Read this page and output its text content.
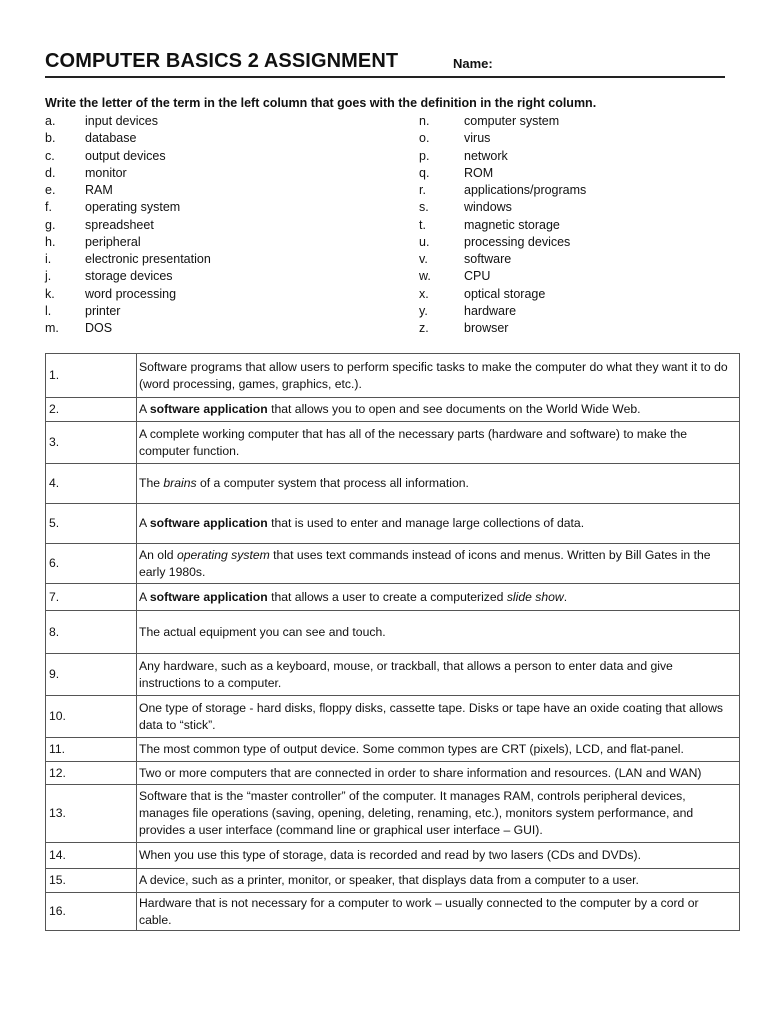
COMPUTER BASICS 2 ASSIGNMENT	Name:
Write the letter of the term in the left column that goes with the definition in the right column.
a.	input devices
b.	database
c.	output devices
d.	monitor
e.	RAM
f.	operating system
g.	spreadsheet
h.	peripheral
i.	electronic presentation
j.	storage devices
k.	word processing
l.	printer
m.	DOS
n.	computer system
o.	virus
p.	network
q.	ROM
r.	applications/programs
s.	windows
t.	magnetic storage
u.	processing devices
v.	software
w.	CPU
x.	optical storage
y.	hardware
z.	browser
1.	Software programs that allow users to perform specific tasks to make the computer do what they want it to do (word processing, games, graphics, etc.).
2.	A software application that allows you to open and see documents on the World Wide Web.
3.	A complete working computer that has all of the necessary parts (hardware and software) to make the computer function.
4.	The brains of a computer system that process all information.
5.	A software application that is used to enter and manage large collections of data.
6.	An old operating system that uses text commands instead of icons and menus. Written by Bill Gates in the early 1980s.
7.	A software application that allows a user to create a computerized slide show.
8.	The actual equipment you can see and touch.
9.	Any hardware, such as a keyboard, mouse, or trackball, that allows a person to enter data and give instructions to a computer.
10.	One type of storage - hard disks, floppy disks, cassette tape. Disks or tape have an oxide coating that allows data to “stick”.
11.	The most common type of output device. Some common types are CRT (pixels), LCD, and flat-panel.
12.	Two or more computers that are connected in order to share information and resources. (LAN and WAN)
13.	Software that is the “master controller” of the computer. It manages RAM, controls peripheral devices, manages file operations (saving, opening, deleting, renaming, etc.), monitors system performance, and provides a user interface (command line or graphical user interface – GUI).
14.	When you use this type of storage, data is recorded and read by two lasers (CDs and DVDs).
15.	A device, such as a printer, monitor, or speaker, that displays data from a computer to a user.
16.	Hardware that is not necessary for a computer to work – usually connected to the computer by a cord or cable.
